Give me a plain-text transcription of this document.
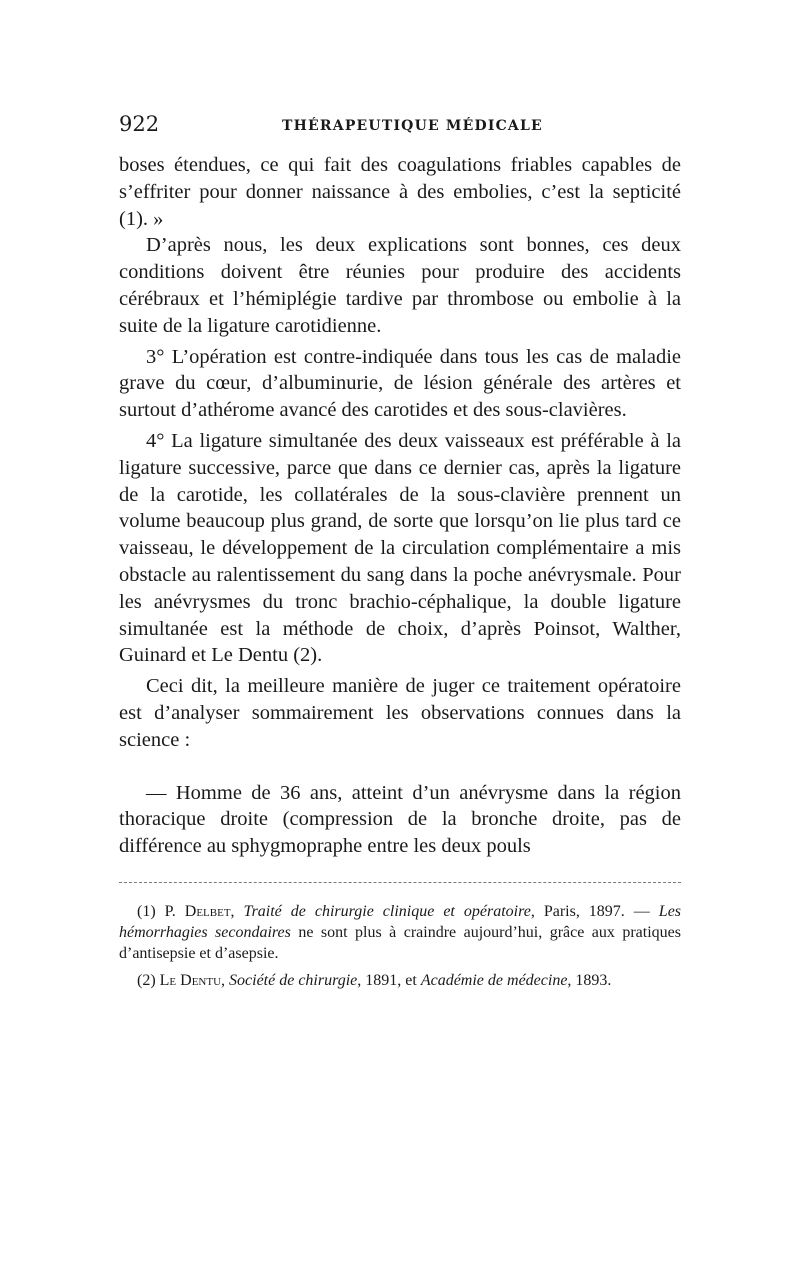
922	THÉRAPEUTIQUE MÉDICALE

boses étendues, ce qui fait des coagulations friables capables de s’effriter pour donner naissance à des embolies, c’est la septicité (1). »

D’après nous, les deux explications sont bonnes, ces deux conditions doivent être réunies pour produire des accidents cérébraux et l’hémiplégie tardive par thrombose ou embolie à la suite de la ligature carotidienne.

3° L’opération est contre-indiquée dans tous les cas de maladie grave du cœur, d’albuminurie, de lésion générale des artères et surtout d’athérome avancé des carotides et des sous-clavières.

4° La ligature simultanée des deux vaisseaux est préférable à la ligature successive, parce que dans ce dernier cas, après la ligature de la carotide, les collatérales de la sous-clavière prennent un volume beaucoup plus grand, de sorte que lorsqu’on lie plus tard ce vaisseau, le développement de la circulation complémentaire a mis obstacle au ralentissement du sang dans la poche anévrysmale. Pour les anévrysmes du tronc brachio-céphalique, la double ligature simultanée est la méthode de choix, d’après Poinsot, Walther, Guinard et Le Dentu (2).

Ceci dit, la meilleure manière de juger ce traitement opératoire est d’analyser sommairement les observations connues dans la science :

— Homme de 36 ans, atteint d’un anévrysme dans la région thoracique droite (compression de la bronche droite, pas de différence au sphygmopraphe entre les deux pouls

(1) P. Delbet, Traité de chirurgie clinique et opératoire, Paris, 1897. — Les hémorrhagies secondaires ne sont plus à craindre aujourd’hui, grâce aux pratiques d’antisepsie et d’asepsie.

(2) Le Dentu, Société de chirurgie, 1891, et Académie de médecine, 1893.
